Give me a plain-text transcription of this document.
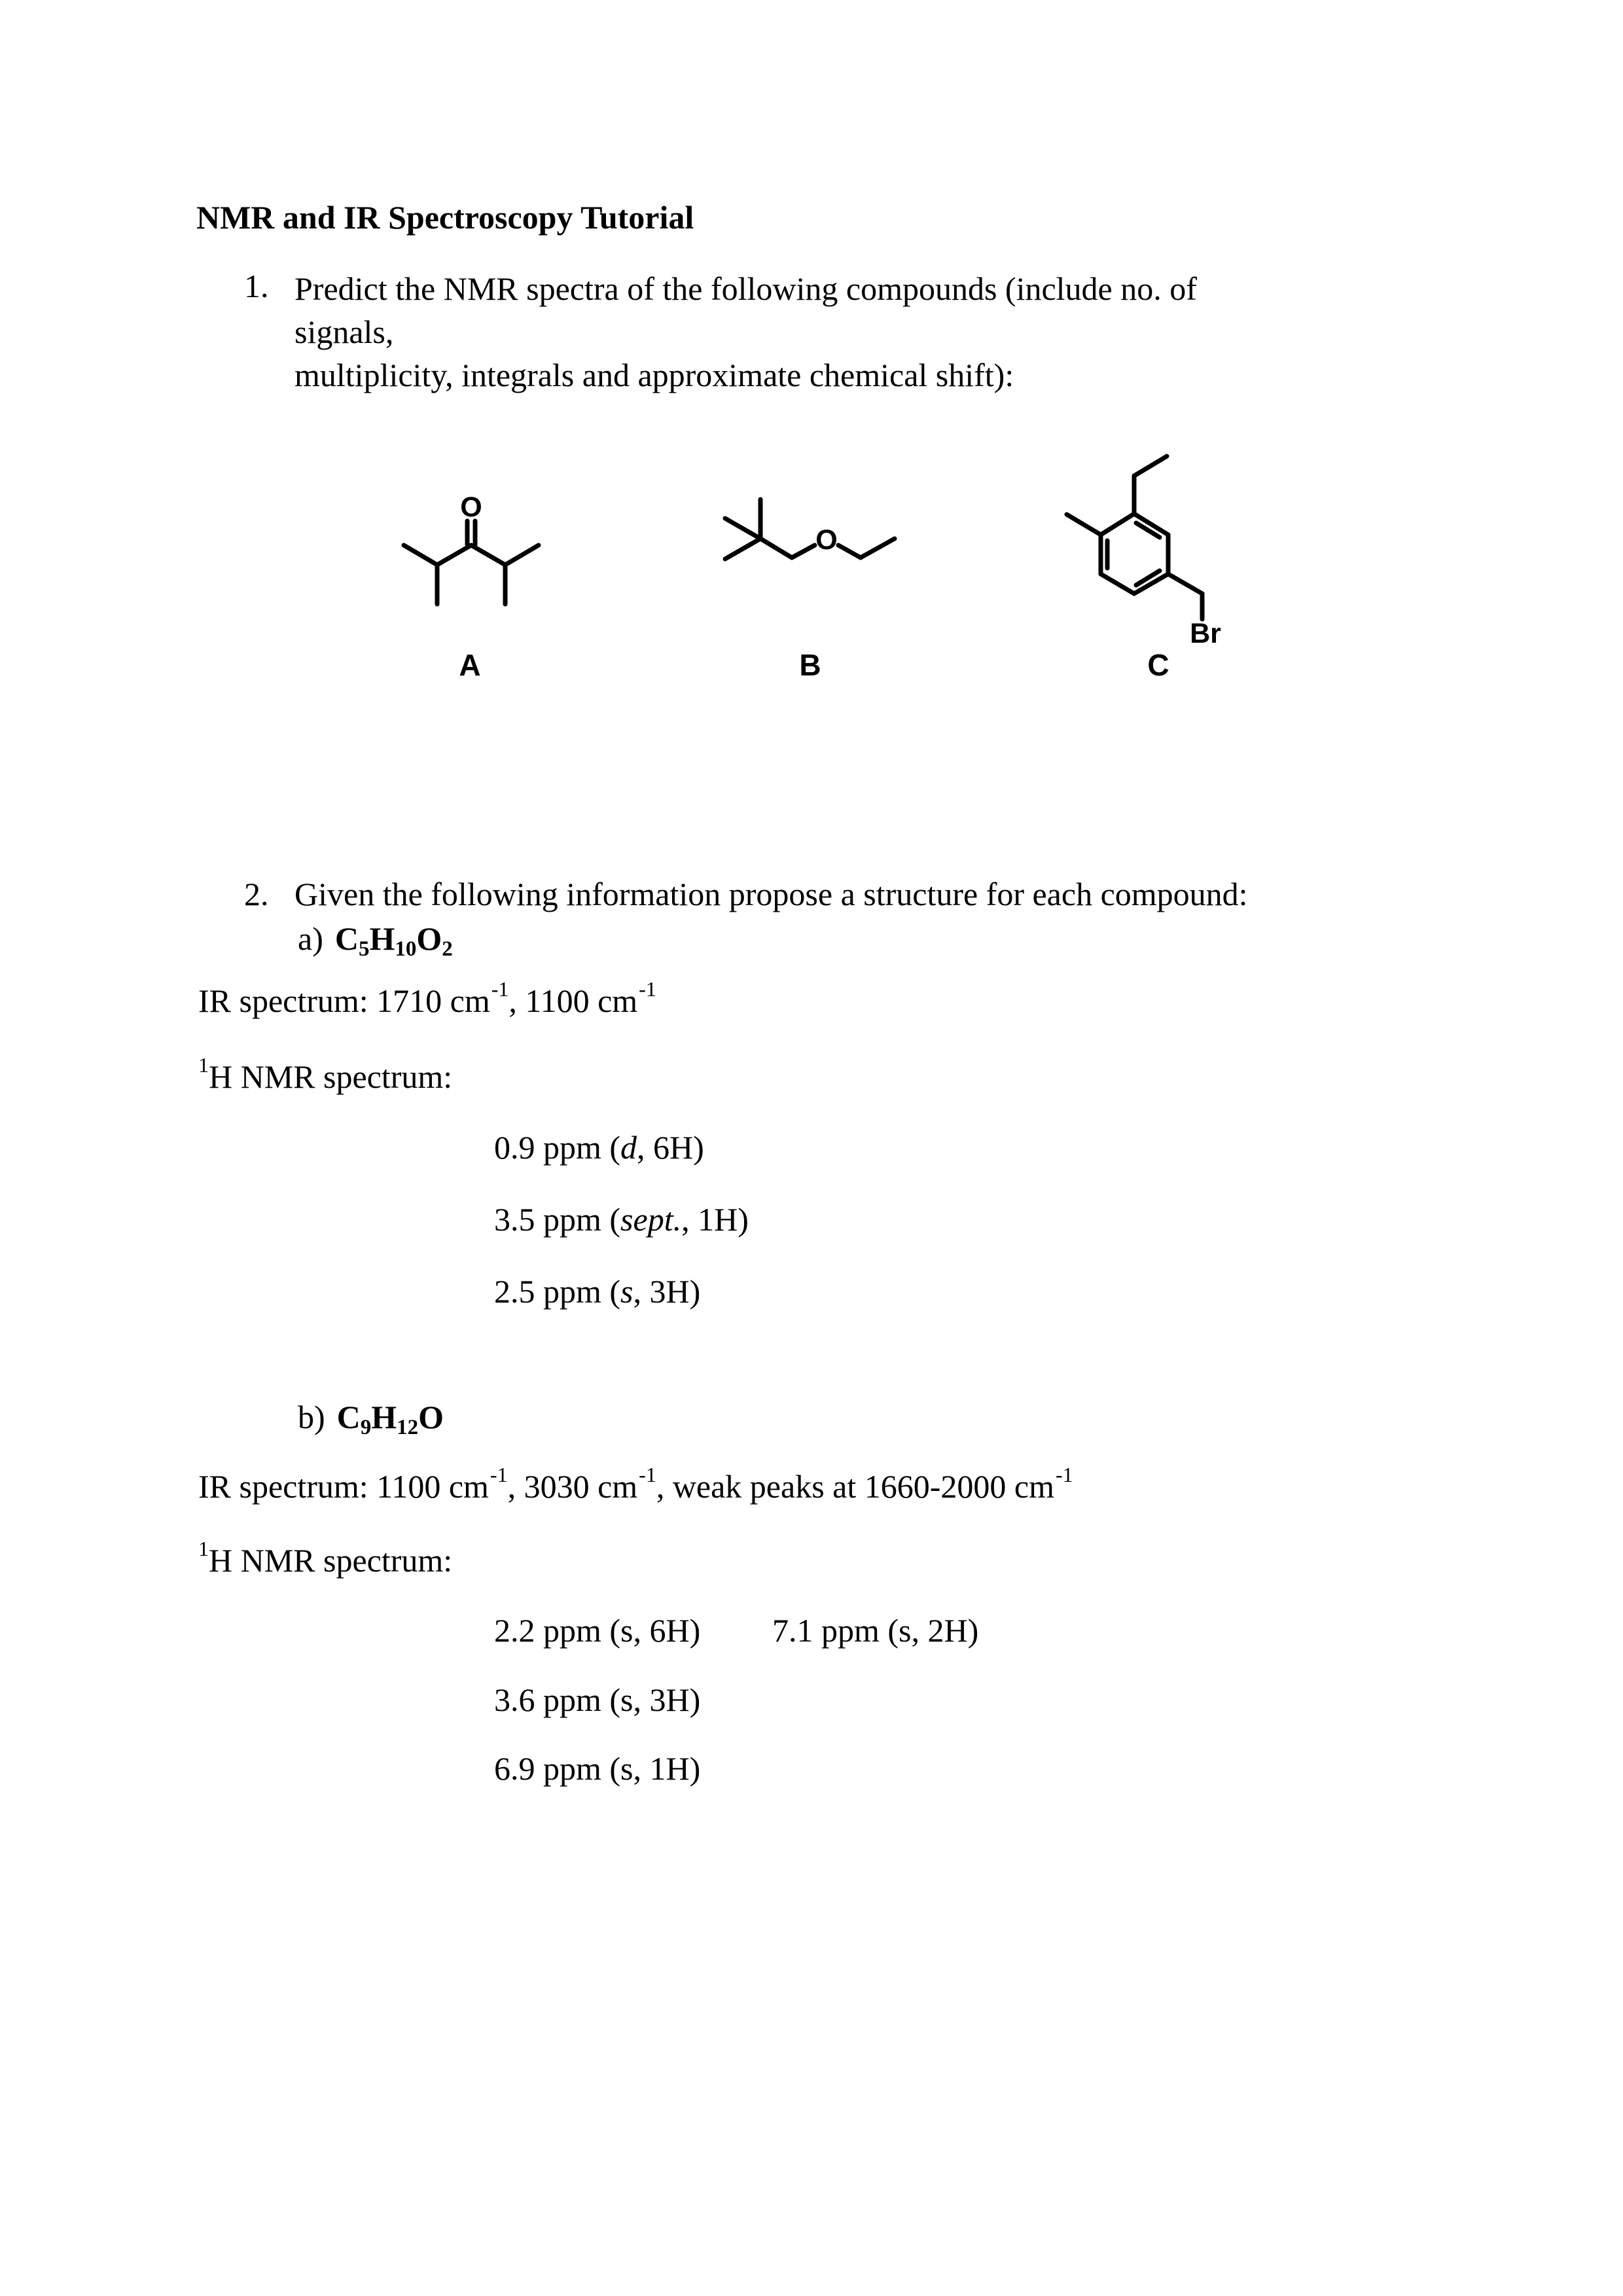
NMR and IR Spectroscopy Tutorial
1. Predict the NMR spectra of the following compounds (include no. of signals,
multiplicity, integrals and approximate chemical shift):
O
A
O
B
Br
C
2. Given the following information propose a structure for each compound:
a) C5H10O2
IR spectrum: 1710 $cm^{-1}$, 1100 $cm^{-1}$
$^1$H NMR spectrum:
0.9 ppm (d, 6H)
3.5 ppm (sept., 1H)
2.5 ppm (s, 3H)
b) C9H12O
IR spectrum: 1100 $cm^{-1}$, 3030 $cm^{-1}$, weak peaks at 1660-2000 $cm^{-1}$
$^1$H NMR spectrum:
2.2 ppm (s, 6H) 7.1 ppm (s, 2H)
3.6 ppm (s, 3H)
6.9 ppm (s, 1H)
